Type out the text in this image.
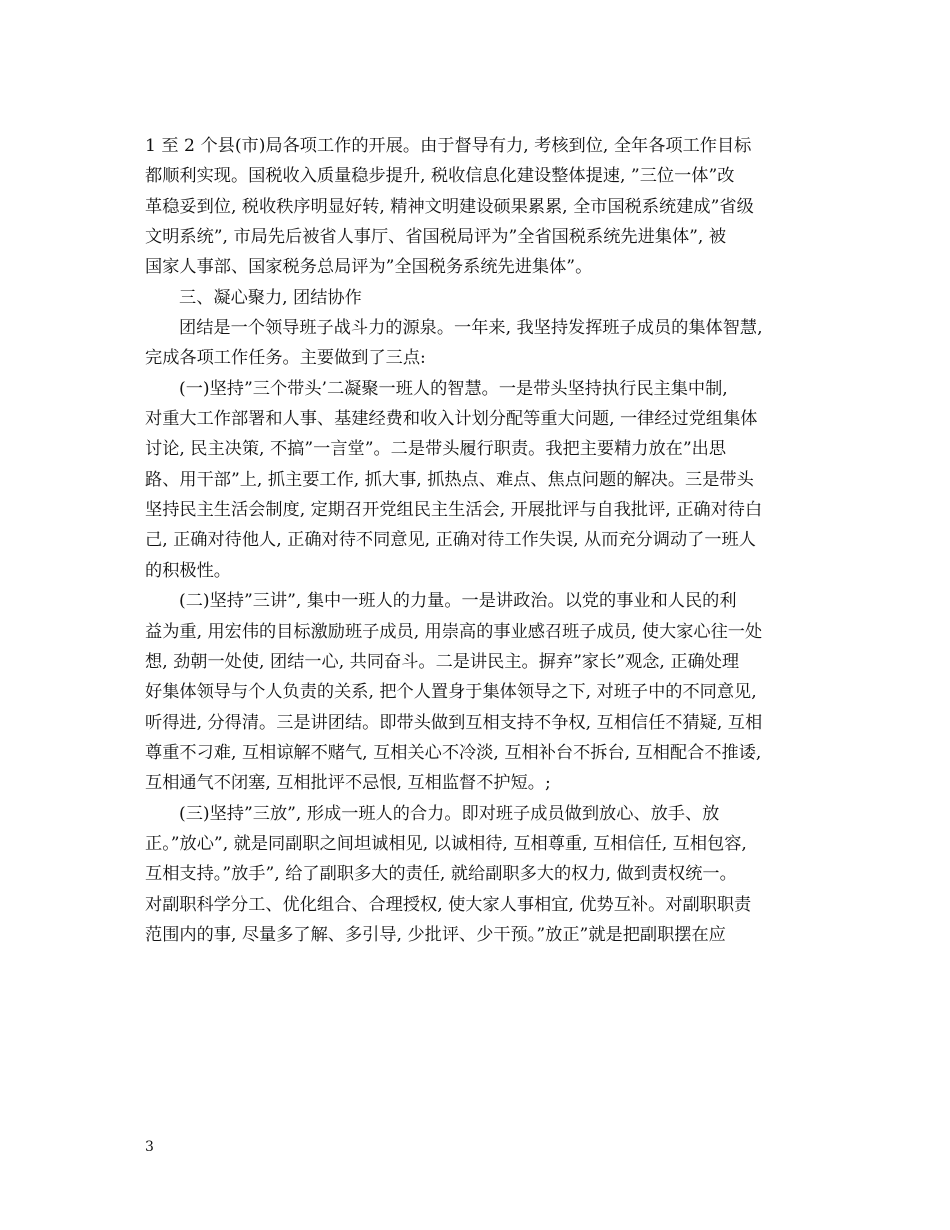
1 至 2 个县(市)局各项工作的开展。由于督导有力, 考核到位, 全年各项工作目标
都顺利实现。国税收入质量稳步提升, 税收信息化建设整体提速, ”三位一体”改
革稳妥到位, 税收秩序明显好转, 精神文明建设硕果累累, 全市国税系统建成”省级
文明系统”, 市局先后被省人事厅、省国税局评为”全省国税系统先进集体”, 被
国家人事部、国家税务总局评为”全国税务系统先进集体”。
三、凝心聚力, 团结协作
团结是一个领导班子战斗力的源泉。一年来, 我坚持发挥班子成员的集体智慧,
完成各项工作任务。主要做到了三点:
(一)坚持”三个带头’二凝聚一班人的智慧。一是带头坚持执行民主集中制,
对重大工作部署和人事、基建经费和收入计划分配等重大问题, 一律经过党组集体
讨论, 民主决策, 不搞”一言堂”。二是带头履行职责。我把主要精力放在”出思
路、用干部”上, 抓主要工作, 抓大事, 抓热点、难点、焦点问题的解决。三是带头
坚持民主生活会制度, 定期召开党组民主生活会, 开展批评与自我批评, 正确对待白
己, 正确对待他人, 正确对待不同意见, 正确对待工作失误, 从而充分调动了一班人
的积极性。
(二)坚持”三讲”, 集中一班人的力量。一是讲政治。以党的事业和人民的利
益为重, 用宏伟的目标激励班子成员, 用崇高的事业感召班子成员, 使大家心往一处
想, 劲朝一处使, 团结一心, 共同奋斗。二是讲民主。摒弃”家长”观念, 正确处理
好集体领导与个人负责的关系, 把个人置身于集体领导之下, 对班子中的不同意见,
听得进, 分得清。三是讲团结。即带头做到互相支持不争权, 互相信任不猜疑, 互相
尊重不刁难, 互相谅解不赌气, 互相关心不冷淡, 互相补台不拆台, 互相配合不推诿,
互相通气不闭塞, 互相批评不忌恨, 互相监督不护短。;
(三)坚持”三放”, 形成一班人的合力。即对班子成员做到放心、放手、放
正。”放心”, 就是同副职之间坦诚相见, 以诚相待, 互相尊重, 互相信任, 互相包容,
互相支持。”放手”, 给了副职多大的责任, 就给副职多大的权力, 做到责权统一。
对副职科学分工、优化组合、合理授权, 使大家人事相宜, 优势互补。对副职职责
范围内的事, 尽量多了解、多引导, 少批评、少干预。”放正”就是把副职摆在应
3
